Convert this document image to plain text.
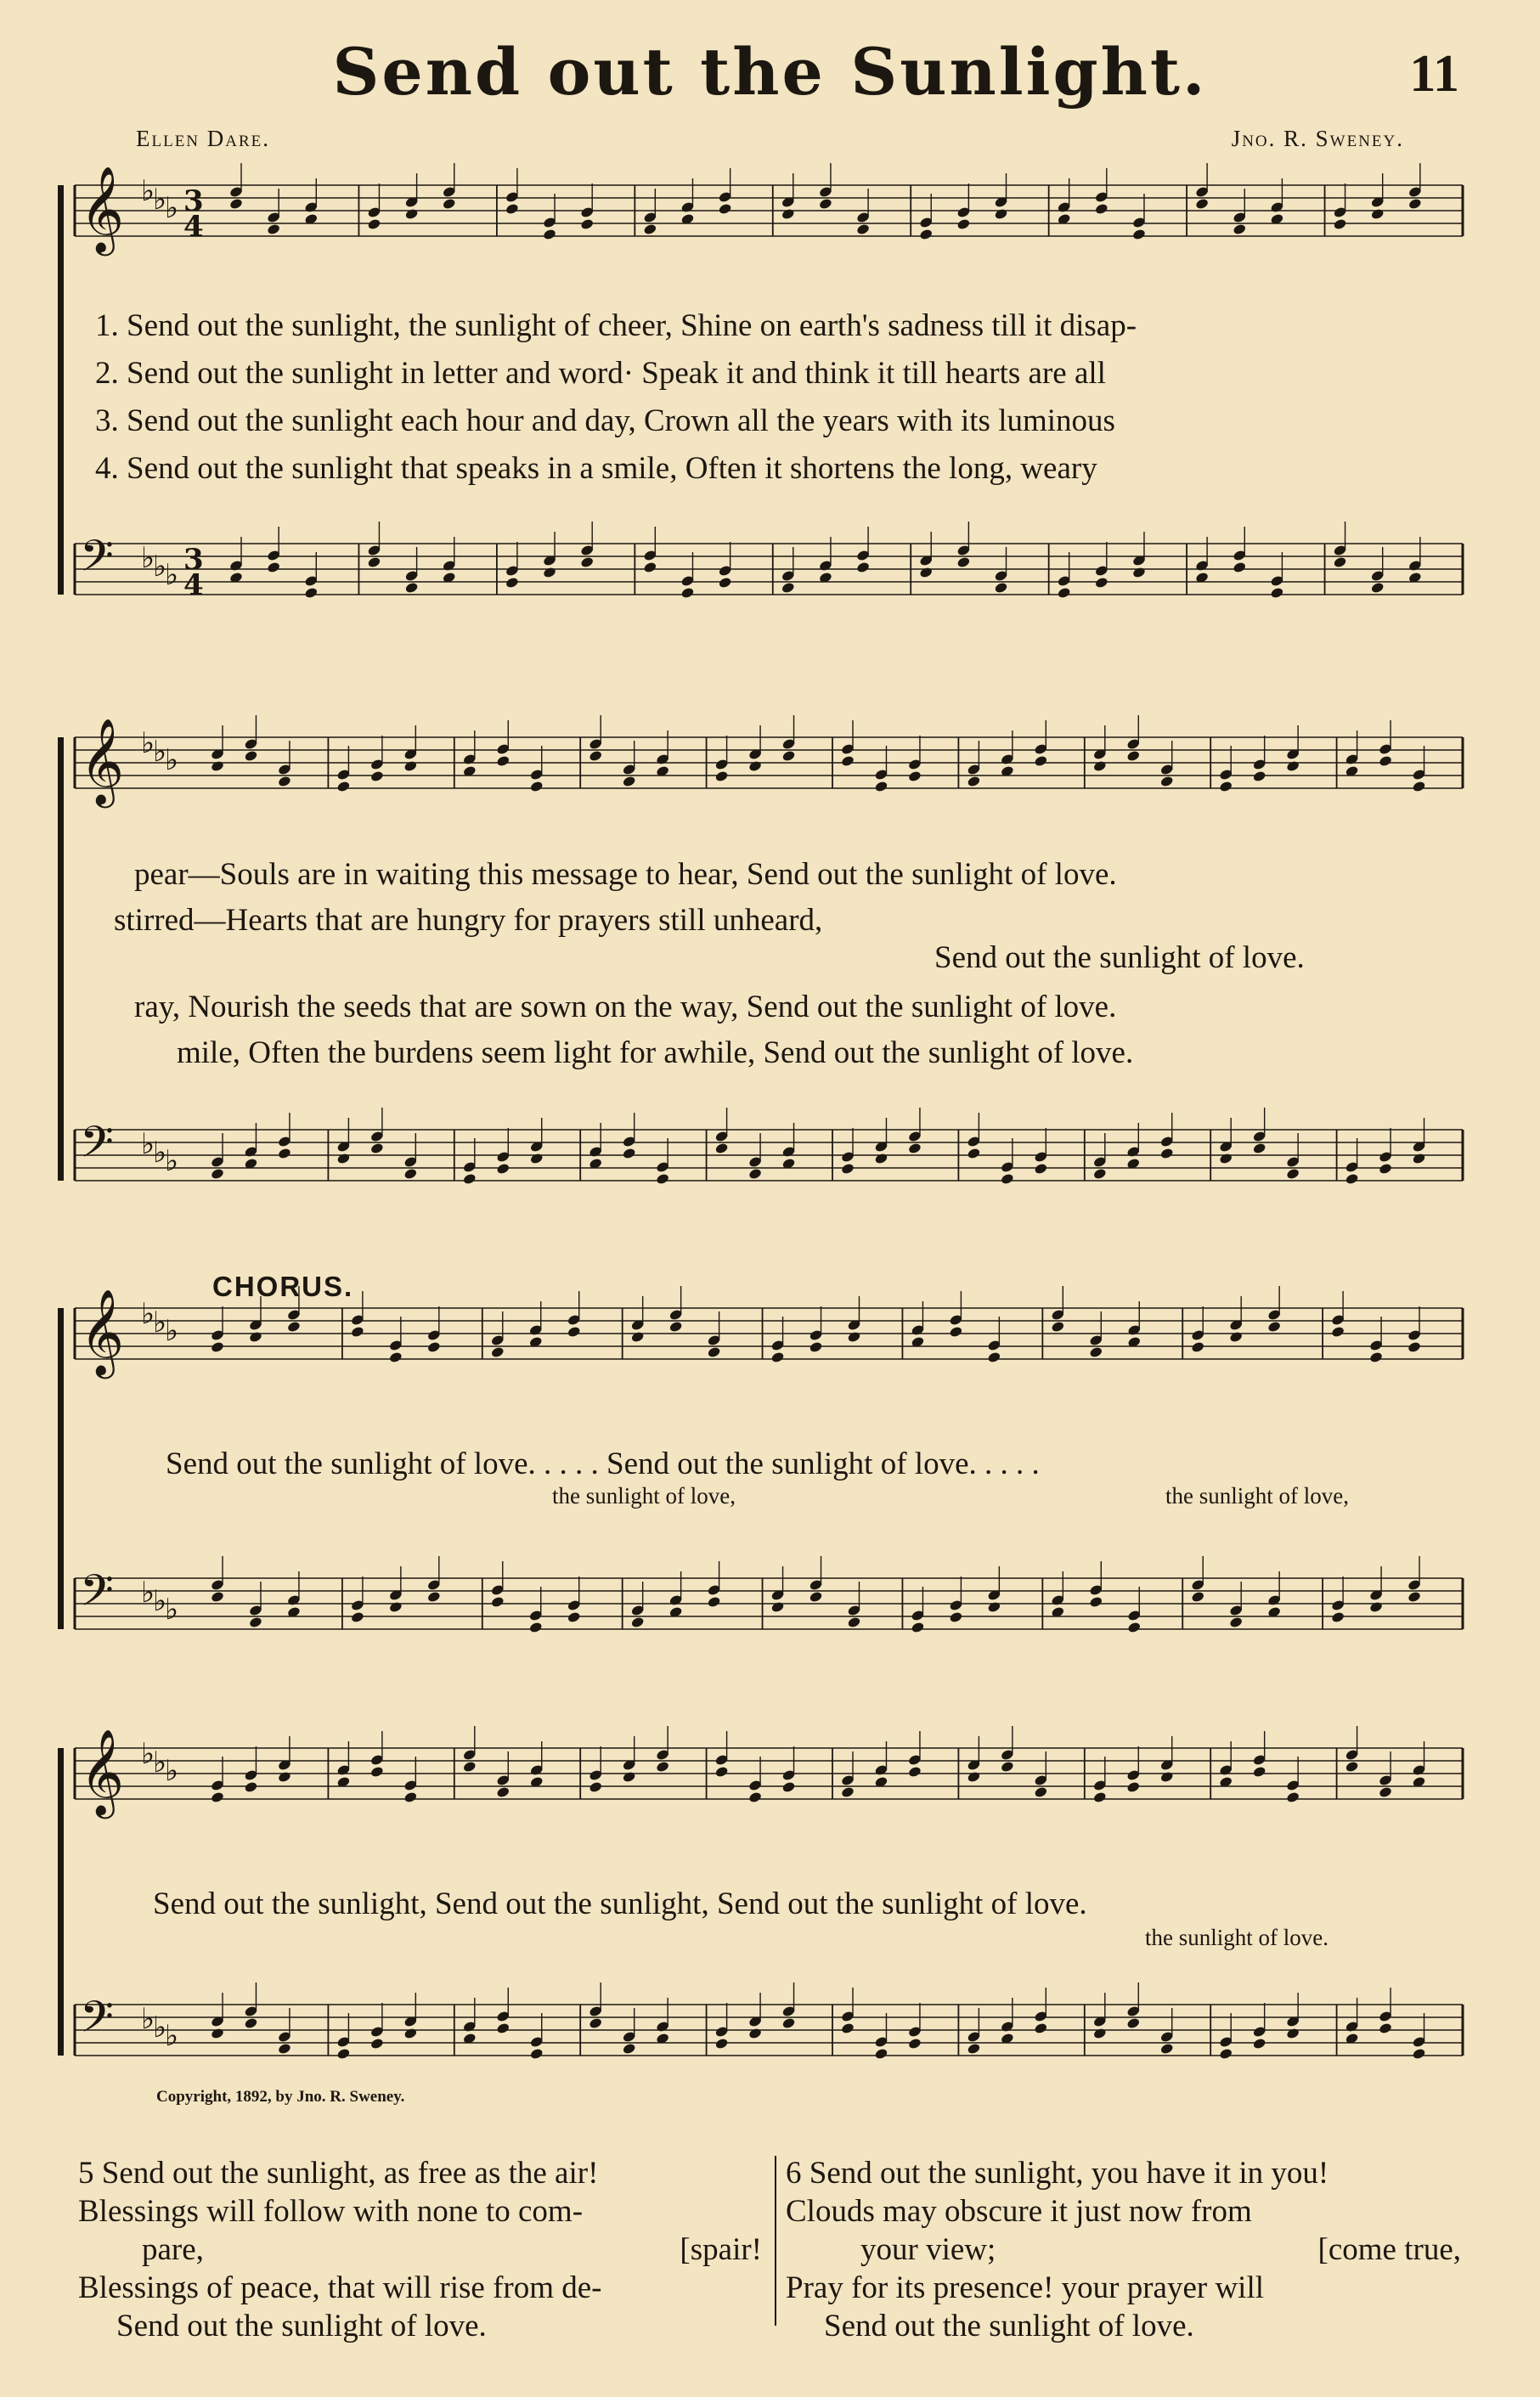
Send out the Sunlight.	11
Ellen Dare.	Jno. R. Sweney.
𝄞 ♭
♭
♭ 3
4
𝄢 ♭
♭
♭ 3
4
𝄞 ♭
♭
♭
𝄢 ♭
♭
♭
𝄞 ♭
♭
♭
𝄢 ♭
♭
♭
𝄞 ♭
♭
♭
𝄢 ♭
♭
♭
1. Send out the sunlight, the sunlight of cheer, Shine on earth's sadness till it disap-
2. Send out the sunlight in letter and word· Speak it and think it till hearts are all
3. Send out the sunlight each hour and day, Crown all the years with its luminous
4. Send out the sunlight that speaks in a smile, Often it shortens the long, weary
pear—Souls are in waiting this message to hear, Send out the sunlight of love.
stirred—Hearts that are hungry for prayers still unheard,
Send out the sunlight of love.
ray, Nourish the seeds that are sown on the way, Send out the sunlight of love.
mile, Often the burdens seem light for awhile, Send out the sunlight of love.
CHORUS.
Send out the sunlight of love. . . . . Send out the sunlight of love. . . . .
the sunlight of love,	the sunlight of love,
Send out the sunlight, Send out the sunlight, Send out the sunlight of love.
the sunlight of love.
Copyright, 1892, by Jno. R. Sweney.
5 Send out the sunlight, as free as the air!
Blessings will follow with none to com-
pare,	[spair!
Blessings of peace, that will rise from de-
Send out the sunlight of love.
6 Send out the sunlight, you have it in you!
Clouds may obscure it just now from
your view;	[come true,
Pray for its presence! your prayer will
Send out the sunlight of love.
